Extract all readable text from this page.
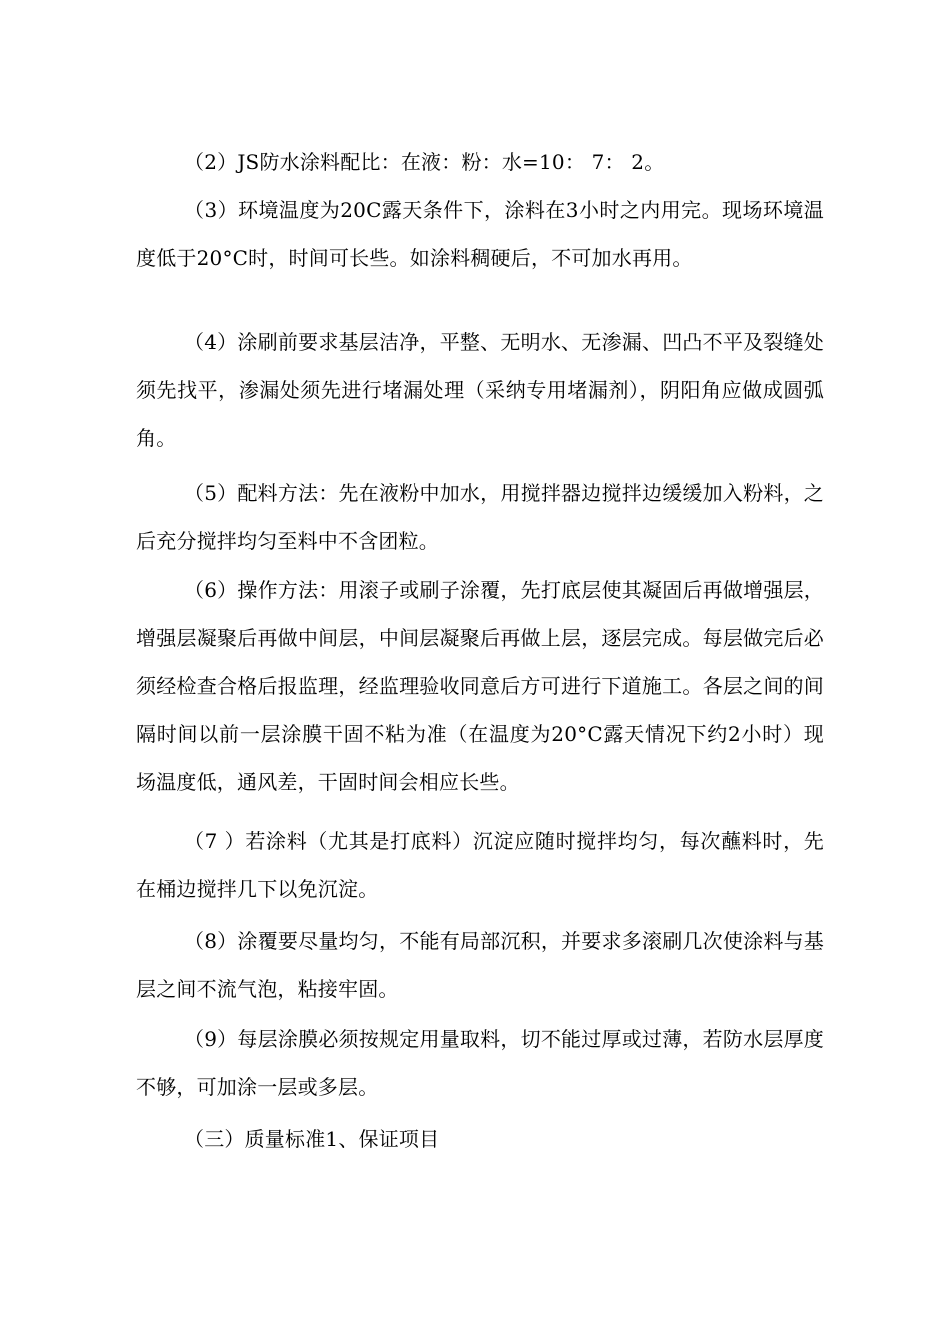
（2）JS防水涂料配比：在液：粉：水=10： 7： 2。

（3）环境温度为20C露天条件下，涂料在3小时之内用完。现场环境温度低于20°C时，时间可长些。如涂料稠硬后，不可加水再用。

（4）涂刷前要求基层洁净，平整、无明水、无渗漏、凹凸不平及裂缝处须先找平，渗漏处须先进行堵漏处理（采纳专用堵漏剂），阴阳角应做成圆弧角。

（5）配料方法：先在液粉中加水，用搅拌器边搅拌边缓缓加入粉料，之后充分搅拌均匀至料中不含团粒。

（6）操作方法：用滚子或刷子涂覆，先打底层使其凝固后再做增强层，增强层凝聚后再做中间层，中间层凝聚后再做上层，逐层完成。每层做完后必须经检查合格后报监理，经监理验收同意后方可进行下道施工。各层之间的间隔时间以前一层涂膜干固不粘为准（在温度为20°C露天情况下约2小时）现场温度低，通风差，干固时间会相应长些。

（7 ）若涂料（尤其是打底料）沉淀应随时搅拌均匀，每次蘸料时，先在桶边搅拌几下以免沉淀。

（8）涂覆要尽量均匀，不能有局部沉积，并要求多滚刷几次使涂料与基层之间不流气泡，粘接牢固。

（9）每层涂膜必须按规定用量取料，切不能过厚或过薄，若防水层厚度不够，可加涂一层或多层。

（三）质量标准1、保证项目
